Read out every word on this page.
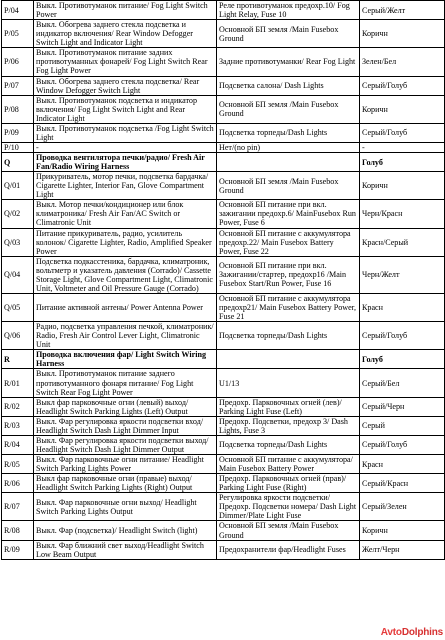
P/04	Выкл. Противотуманок питание/ Fog Light Switch Power	Реле противотуманок предохр.10/ Fog Light Relay, Fuse 10	Серый/Желт
P/05	Выкл. Обогрева заднего стекла подсветка и индикатор включения/ Rear Window Defogger Switch Light and Indicator Light	Основной БП земля /Main Fusebox Ground	Коричн
P/06	Выкл. Противотуманок питание задних противотуманных фонарей/ Fog Light Switch Rear Fog Light Power	Задние противотуманки/ Rear Fog Light	Зелен/Бел
P/07	Выкл. Обогрева заднего стекла подсветка/ Rear Window Defogger Switch Light	Подсветка салона/ Dash Lights	Серый/Голуб
P/08	Выкл. Противотуманок подсветка и индикатор включения/ Fog Light Switch Light and Rear Indicator Light	Основной БП земля /Main Fusebox Ground	Коричн
P/09	Выкл. Противотуманок подсветка /Fog Light Switch Light	Подсветка торпеды/Dash Lights	Серый/Голуб
P/10	-	Нет/(no pin)	-
Q	Проводка вентилятора печки/радио/ Fresh Air Fan/Radio Wiring Harness		Голуб
Q/01	Прикуриватель, мотор печки, подсветка бардачка/ Cigarette Lighter, Interior Fan, Glove Compartment Light	Основной БП земля /Main Fusebox Ground	Коричн
Q/02	Выкл. Мотор печки/кондиционер или блок климатроника/ Fresh Air Fan/AC Switch or Climatronic Unit	Основной БП питание при вкл. зажигании предохр.6/ MainFusebox Run Power, Fuse 6	Черн/Красн
Q/03	Питание прикуриватель, радио, усилитель колонок/ Cigarette Lighter, Radio, Amplified Speaker Power	Основной БП питание с аккумулятора предохр.22/ Main Fusebox Battery Power, Fuse 22	Красн/Серый
Q/04	Подсветка подкасстеника, бардачка, климатроник, вольтметр и указатель давления (Corrado)/ Cassette Storage Light, Glove Compartment Light, Climatronic Unit, Voltmeter and Oil Pressure Gauge (Corrado)	Основной БП питание при вкл. Зажигании/стартер, предохр16 /Main Fusebox Start/Run Power, Fuse 16	Черн/Желт
Q/05	Питание активной антены/ Power Antenna Power	Основной БП питание с аккумулятора предохр21/ Main Fusebox Battery Power, Fuse 21	Красн
Q/06	Радио, подсветка управления печкой, климатроник/ Radio, Fresh Air Control Lever Light, Climatronic Unit	Подсветка торпеды/Dash Lights	Серый/Голуб
R	Проводка включения фар/ Light Switch Wiring Harness		Голуб
R/01	Выкл. Противотуманок питание заднего противотуманного фонаря питание/ Fog Light Switch Rear Fog Light Power	U1/13	Серый/Бел
R/02	Выкл фар парковочные огни (левый) выход/ Headlight Switch Parking Lights (Left) Output	Предохр. Парковочных огней (лев)/ Parking Light Fuse (Left)	Серый/Черн
R/03	Выкл. Фар регулировка яркости подсветки вход/ Headlight Switch Dash Light Dimmer Input	Предохр. Подсветки, предохр 3/ Dash Lights, Fuse 3	Серый
R/04	Выкл. Фар регулировка яркости подсветки выход/ Headlight Switch Dash Light Dimmer Output	Подсветка торпеды/Dash Lights	Серый/Голуб
R/05	Выкл. Фар парковочные огни питание/ Headlight Switch Parking Lights Power	Основной БП питание с аккумулятора/ Main Fusebox Battery Power	Красн
R/06	Выкл фар парковочные огни (правые) выход/ Headlight Switch Parking Lights (Right) Output	Предохр. Парковочных огней (прав)/ Parking Light Fuse (Right)	Серый/Красн
R/07	Выкл. Фар парковочные огни выход/ Headlight Switch Parking Lights Output	Регулировка яркости подсветки/ Предохр. Подсветки номера/ Dash Light Dimmer/Plate Light Fuse	Серый/Зелен
R/08	Выкл. Фар (подсветка)/ Headlight Switch (light)	Основной БП земля /Main Fusebox Ground	Коричн
R/09	Выкл. Фар ближний свет выход/Headlight Switch Low Beam Output	Предохранители фар/Headlight Fuses	Желт/Черн
AvtoDolphins
